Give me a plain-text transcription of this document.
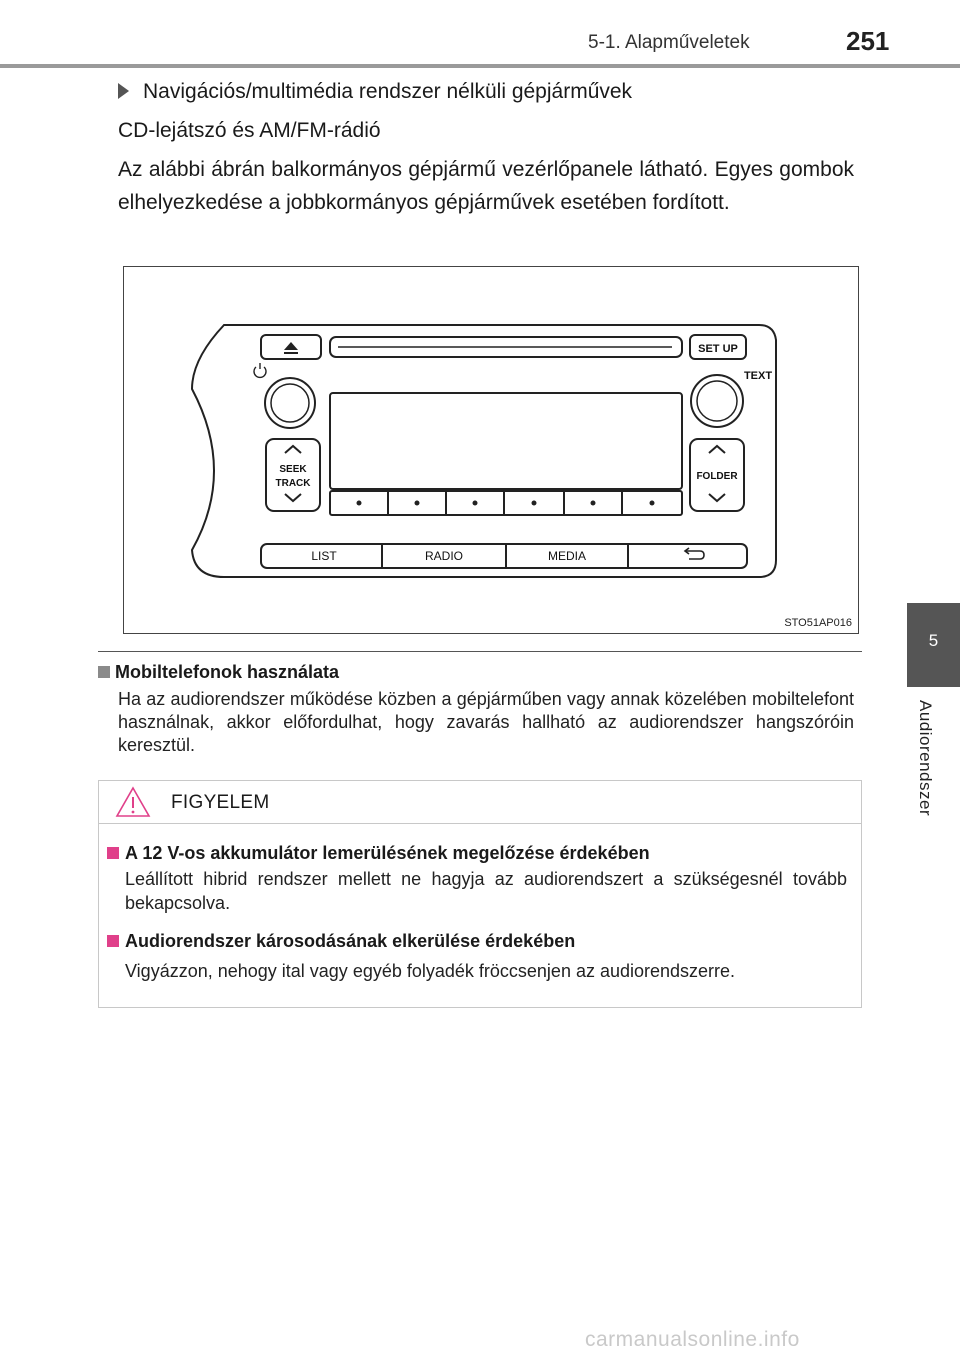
5-1. Alapműveletek	251
5
Audiorendszer
Navigációs/multimédia rendszer nélküli gépjárművek
CD-lejátszó és AM/FM-rádió
Az alábbi ábrán balkormányos gépjármű vezérlőpanele látható. Egyes gombok elhelyezkedése a jobbkormányos gépjárművek esetében fordított.
SET UP
TEXT
SEEK
TRACK
FOLDER
LIST	RADIO	MEDIA
STO51AP016
Mobiltelefonok használata
Ha az audiorendszer működése közben a gépjárműben vagy annak közelében mobiltelefont használnak, akkor előfordulhat, hogy zavarás hallható az audiorendszer hangszóróin keresztül.
FIGYELEM
A 12 V-os akkumulátor lemerülésének megelőzése érdekében
Leállított hibrid rendszer mellett ne hagyja az audiorendszert a szükségesnél tovább bekapcsolva.
Audiorendszer károsodásának elkerülése érdekében
Vigyázzon, nehogy ital vagy egyéb folyadék fröccsenjen az audiorendszerre.
carmanualsonline.info
